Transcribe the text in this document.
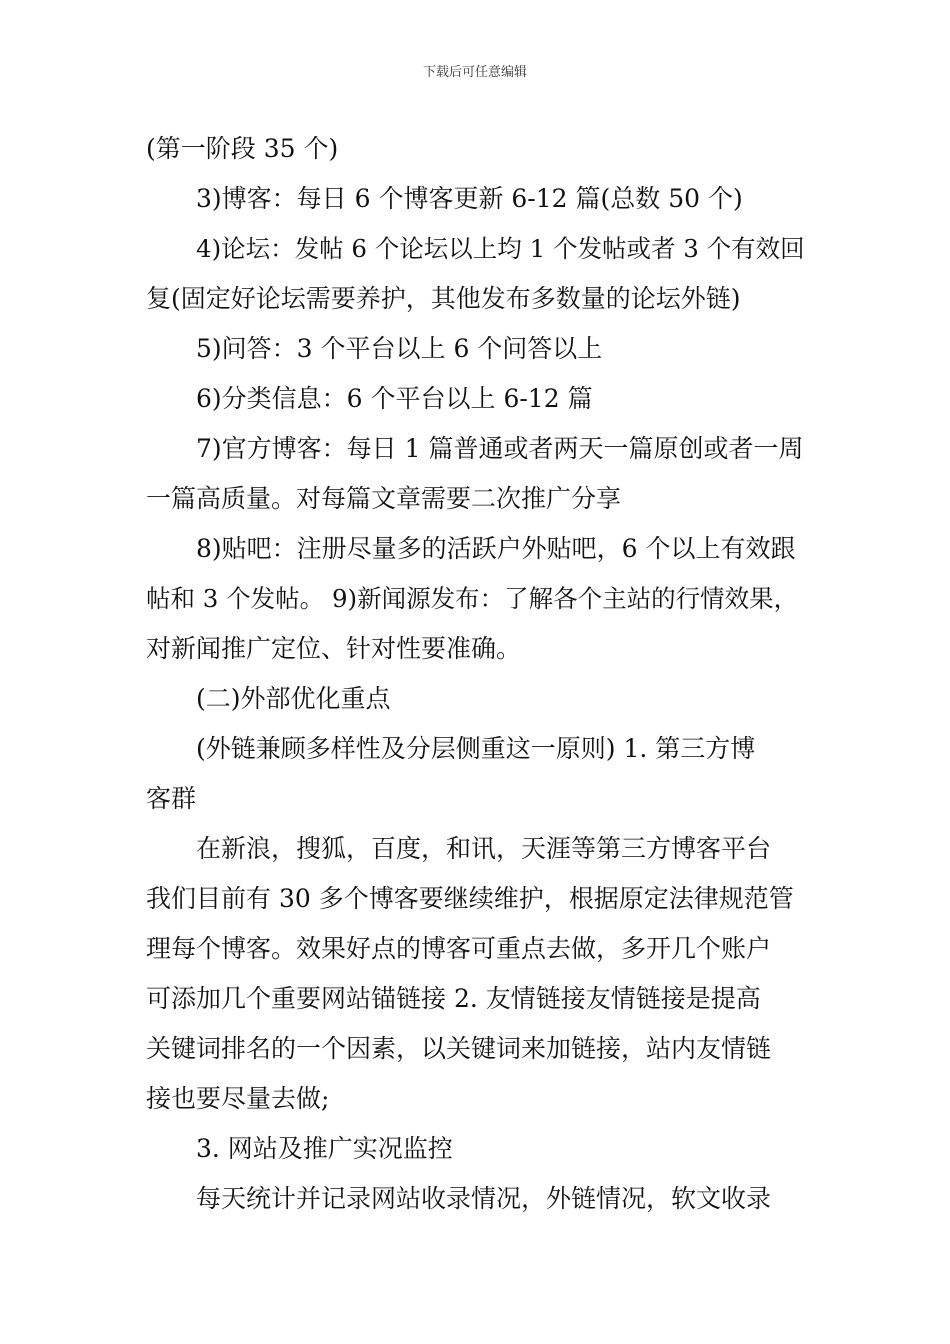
下载后可任意编辑
(第一阶段 35 个)
3)博客：每日 6 个博客更新 6-12 篇(总数 50 个)
4)论坛：发帖 6 个论坛以上均 1 个发帖或者 3 个有效回
复(固定好论坛需要养护，其他发布多数量的论坛外链)
5)问答：3 个平台以上 6 个问答以上
6)分类信息：6 个平台以上 6-12 篇
7)官方博客：每日 1 篇普通或者两天一篇原创或者一周
一篇高质量。对每篇文章需要二次推广分享
8)贴吧：注册尽量多的活跃户外贴吧，6 个以上有效跟
帖和 3 个发帖。 9)新闻源发布：了解各个主站的行情效果，
对新闻推广定位、针对性要准确。
(二)外部优化重点
(外链兼顾多样性及分层侧重这一原则) 1. 第三方博
客群
在新浪，搜狐，百度，和讯，天涯等第三方博客平台
我们目前有 30 多个博客要继续维护，根据原定法律规范管
理每个博客。效果好点的博客可重点去做，多开几个账户
可添加几个重要网站锚链接 2. 友情链接友情链接是提高
关键词排名的一个因素，以关键词来加链接，站内友情链
接也要尽量去做;
3. 网站及推广实况监控
每天统计并记录网站收录情况，外链情况，软文收录
